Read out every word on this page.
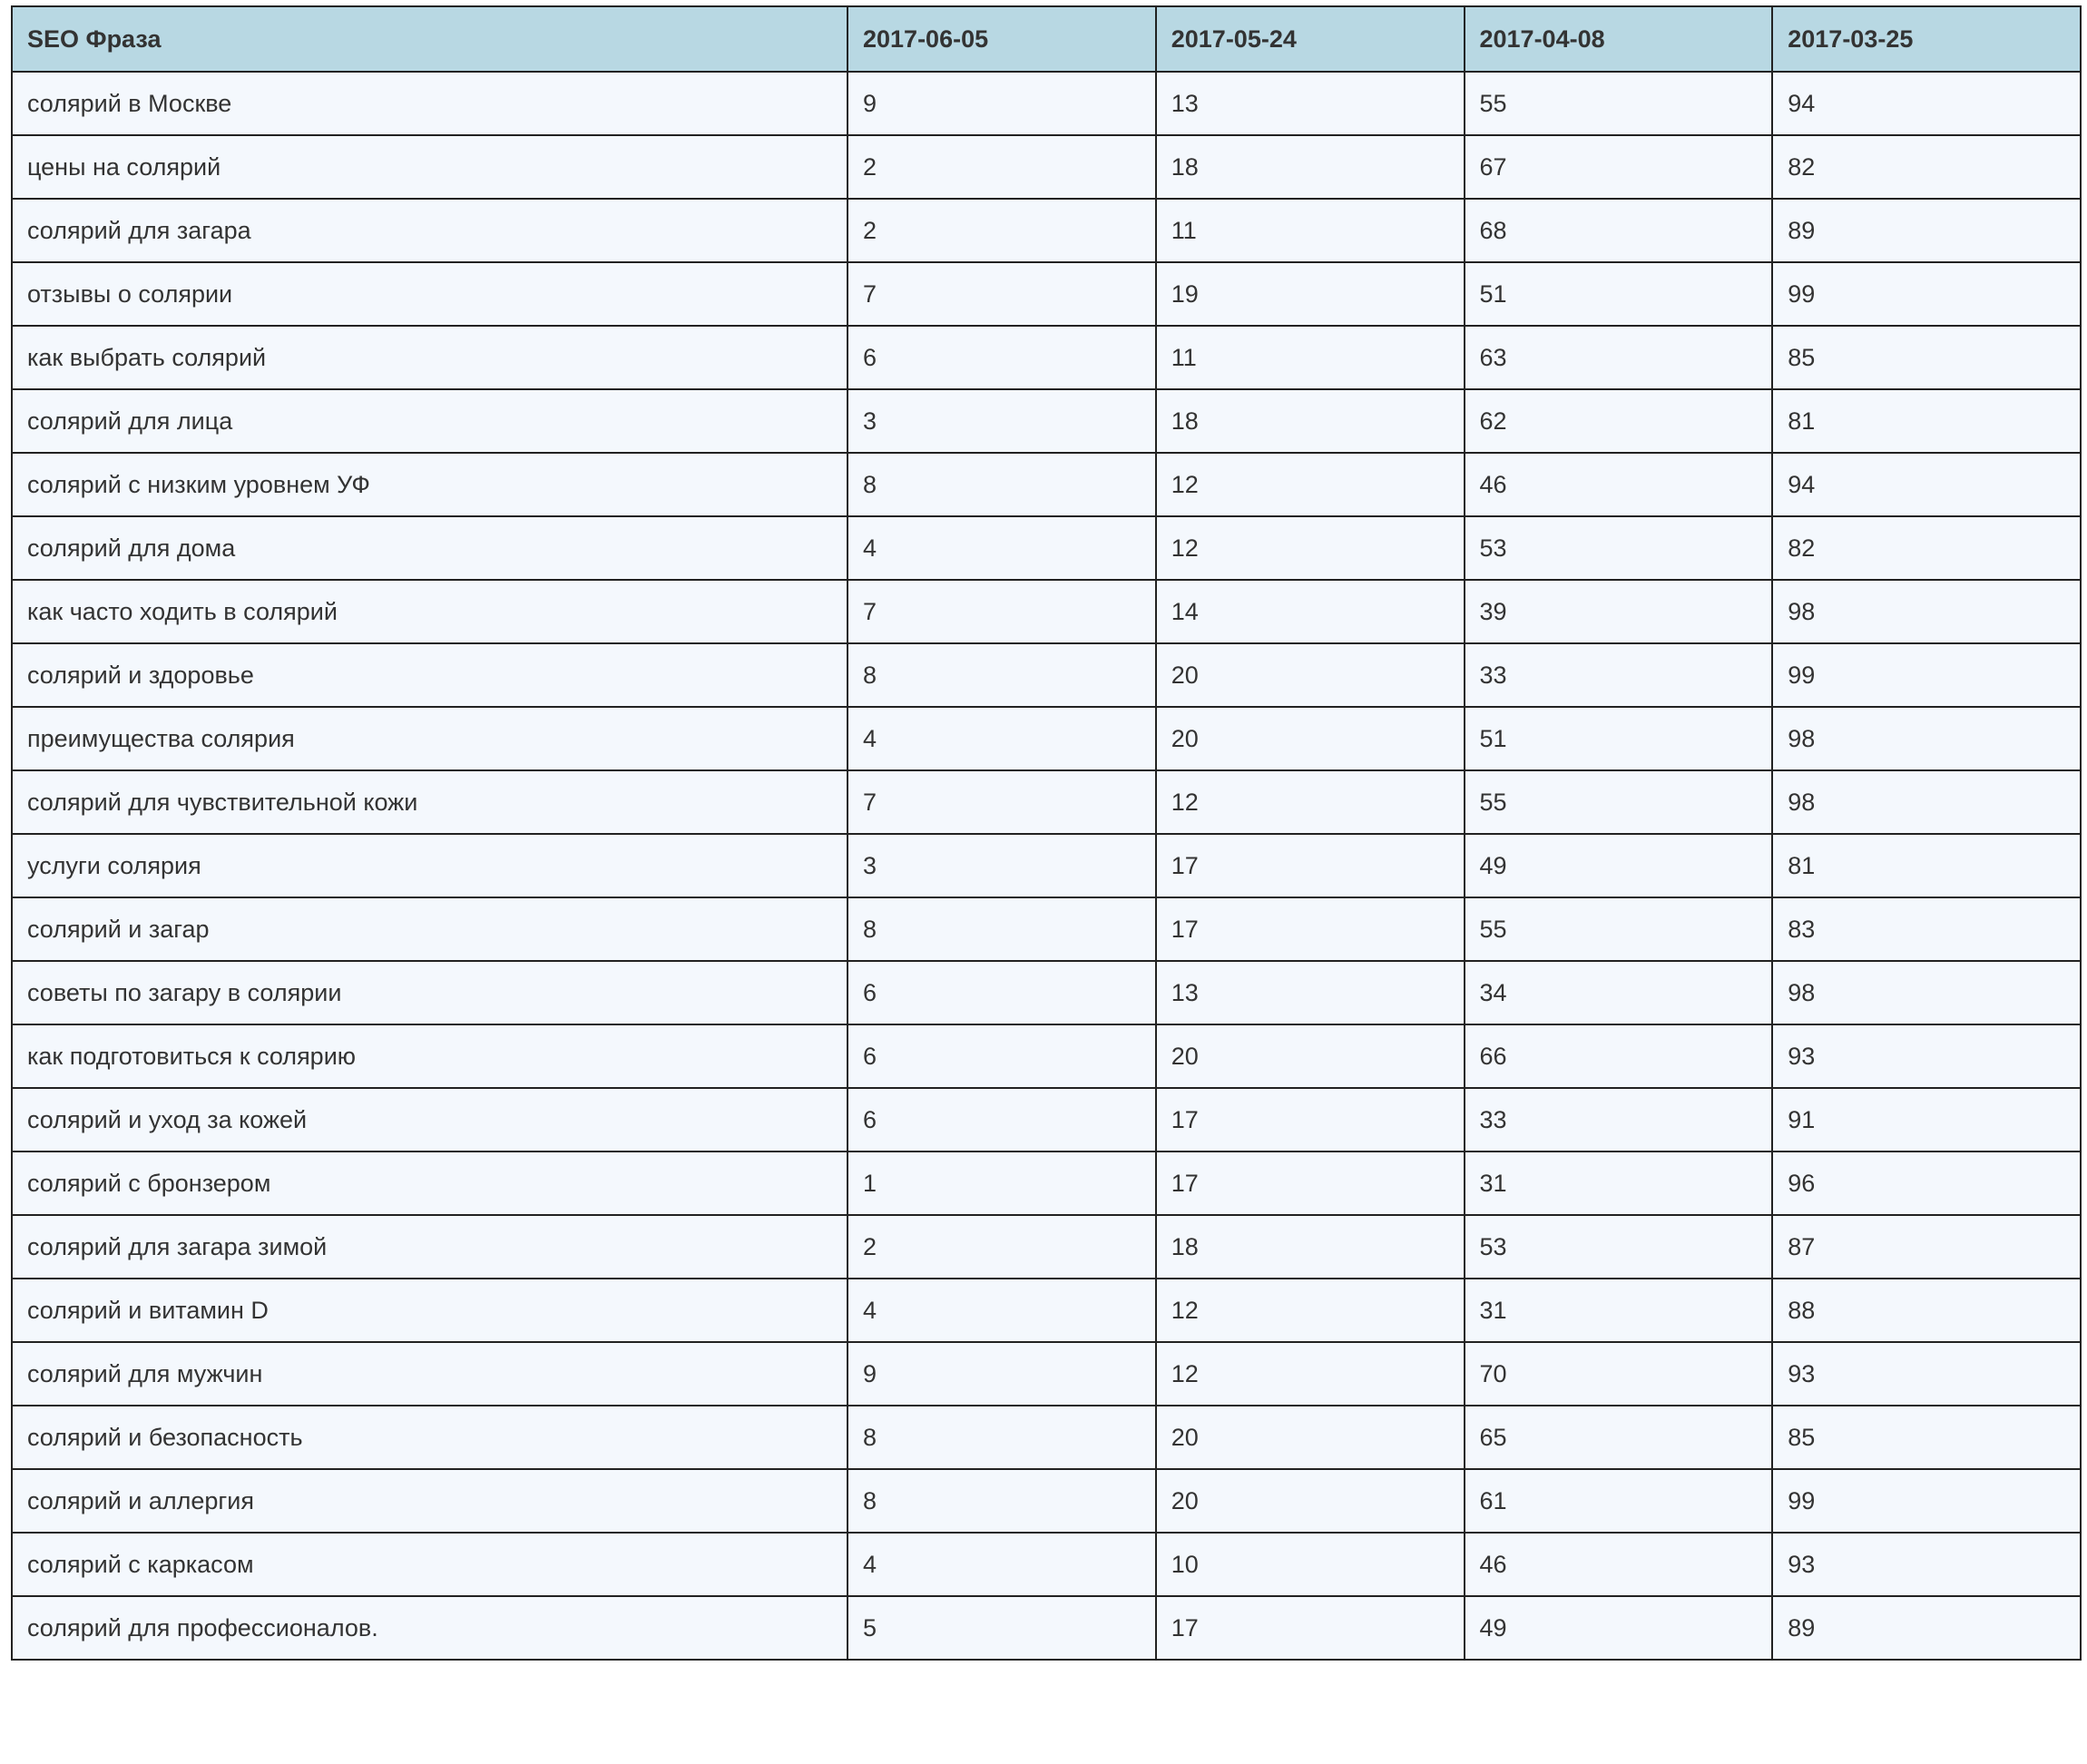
SEO Фраза	2017-06-05	2017-05-24	2017-04-08	2017-03-25
солярий в Москве	9	13	55	94
цены на солярий	2	18	67	82
солярий для загара	2	11	68	89
отзывы о солярии	7	19	51	99
как выбрать солярий	6	11	63	85
солярий для лица	3	18	62	81
солярий с низким уровнем УФ	8	12	46	94
солярий для дома	4	12	53	82
как часто ходить в солярий	7	14	39	98
солярий и здоровье	8	20	33	99
преимущества солярия	4	20	51	98
солярий для чувствительной кожи	7	12	55	98
услуги солярия	3	17	49	81
солярий и загар	8	17	55	83
советы по загару в солярии	6	13	34	98
как подготовиться к солярию	6	20	66	93
солярий и уход за кожей	6	17	33	91
солярий с бронзером	1	17	31	96
солярий для загара зимой	2	18	53	87
солярий и витамин D	4	12	31	88
солярий для мужчин	9	12	70	93
солярий и безопасность	8	20	65	85
солярий и аллергия	8	20	61	99
солярий с каркасом	4	10	46	93
солярий для профессионалов.	5	17	49	89
